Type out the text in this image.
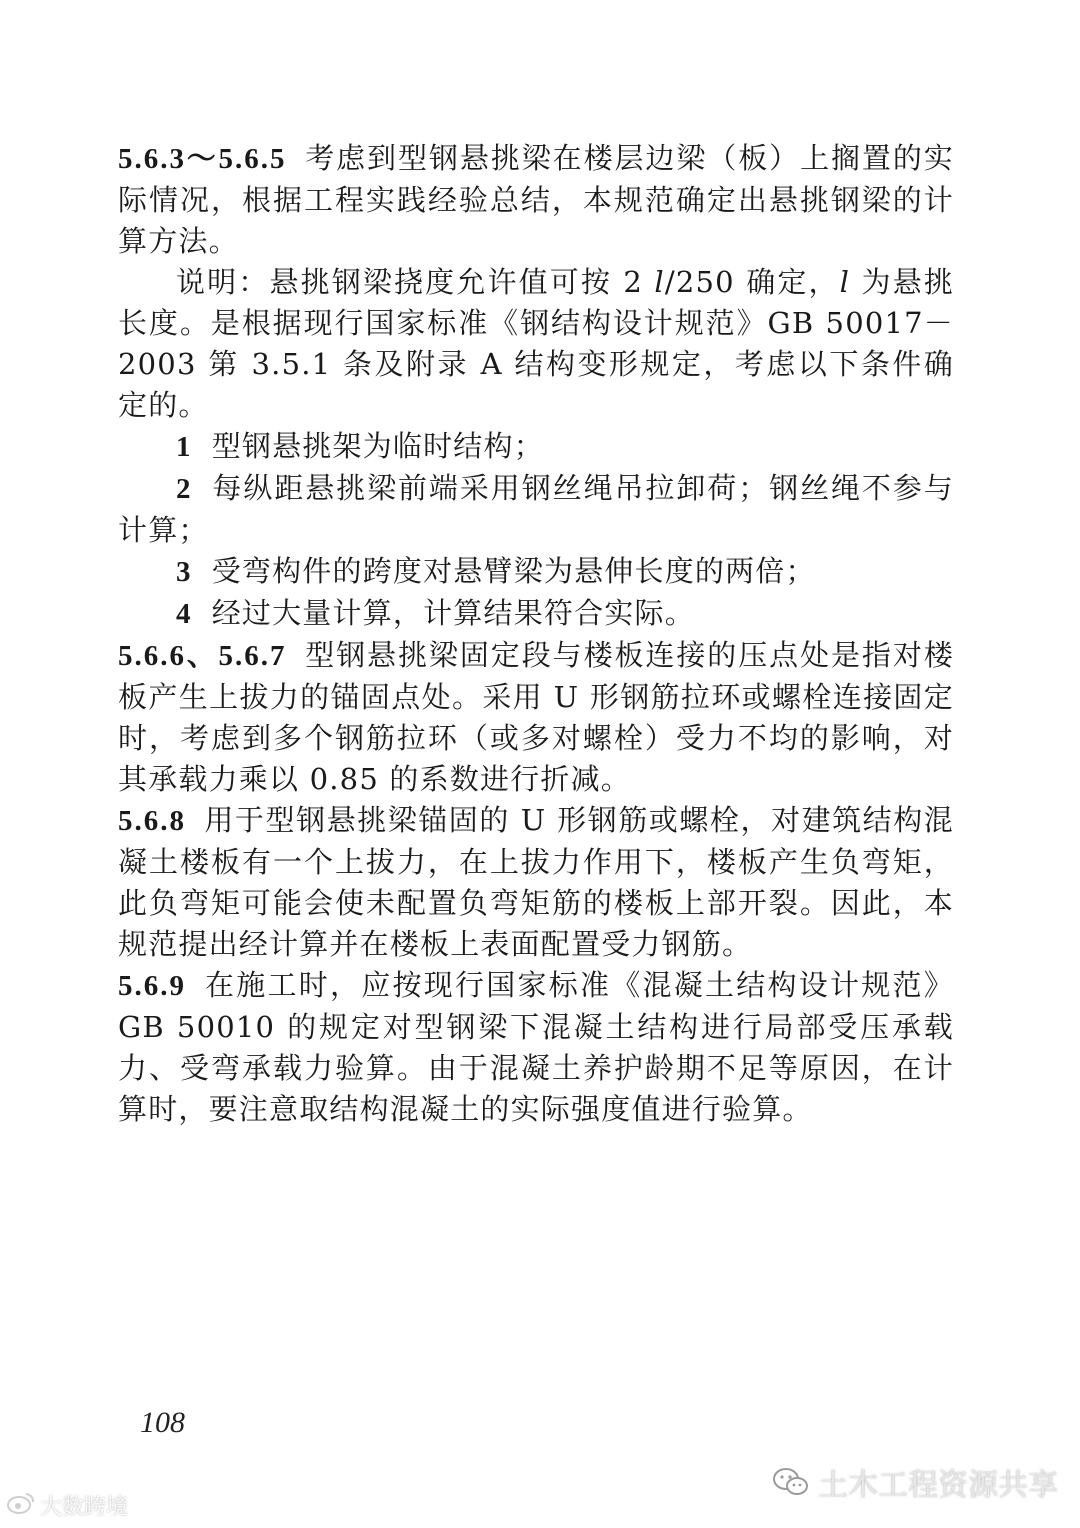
5.6.3～5.6.5 考虑到型钢悬挑梁在楼层边梁（板）上搁置的实际情况，根据工程实践经验总结，本规范确定出悬挑钢梁的计算方法。

说明：悬挑钢梁挠度允许值可按 2 l/250 确定，l 为悬挑长度。是根据现行国家标准《钢结构设计规范》GB 50017－2003 第 3.5.1 条及附录 A 结构变形规定，考虑以下条件确定的。

1 型钢悬挑架为临时结构；

2 每纵距悬挑梁前端采用钢丝绳吊拉卸荷；钢丝绳不参与计算；

3 受弯构件的跨度对悬臂梁为悬伸长度的两倍；

4 经过大量计算，计算结果符合实际。

5.6.6、5.6.7 型钢悬挑梁固定段与楼板连接的压点处是指对楼板产生上拔力的锚固点处。采用 U 形钢筋拉环或螺栓连接固定时，考虑到多个钢筋拉环（或多对螺栓）受力不均的影响，对其承载力乘以 0.85 的系数进行折减。

5.6.8 用于型钢悬挑梁锚固的 U 形钢筋或螺栓，对建筑结构混凝土楼板有一个上拔力，在上拔力作用下，楼板产生负弯矩，此负弯矩可能会使未配置负弯矩筋的楼板上部开裂。因此，本规范提出经计算并在楼板上表面配置受力钢筋。

5.6.9 在施工时，应按现行国家标准《混凝土结构设计规范》GB 50010 的规定对型钢梁下混凝土结构进行局部受压承载力、受弯承载力验算。由于混凝土养护龄期不足等原因，在计算时，要注意取结构混凝土的实际强度值进行验算。

108
大数跨境
土木工程资源共享
